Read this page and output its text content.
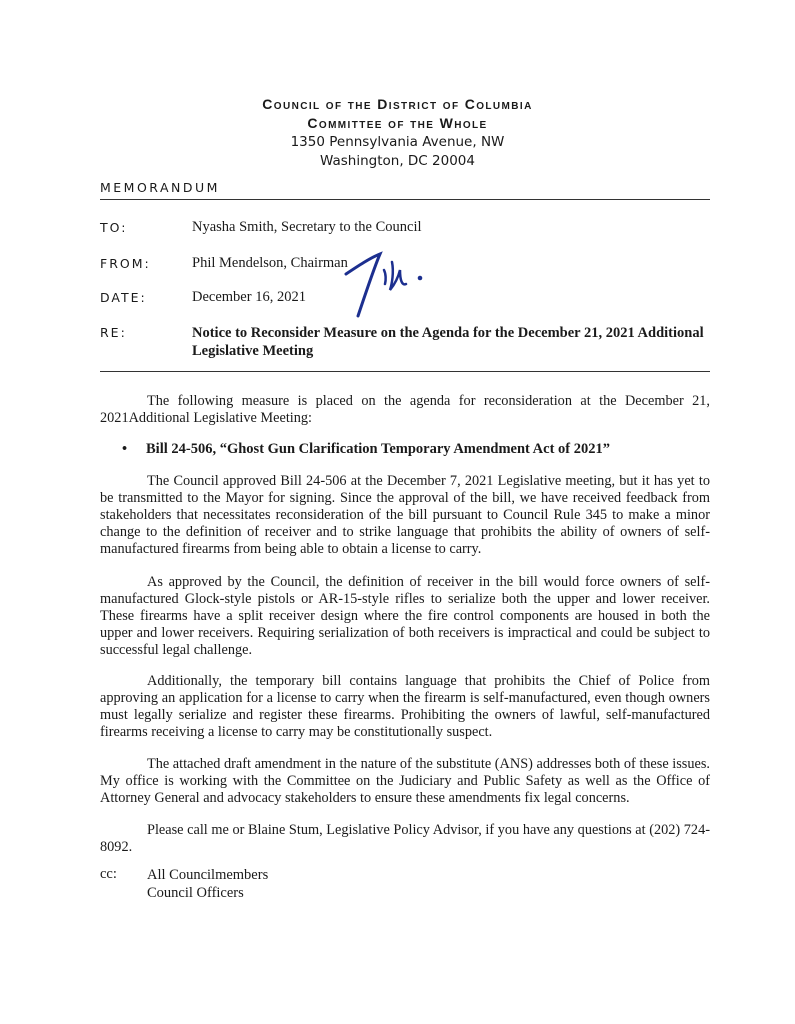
Council of the District of Columbia
Committee of the Whole
1350 Pennsylvania Avenue, NW
Washington, DC 20004
MEMORANDUM
TO:	Nyasha Smith, Secretary to the Council
FROM:	Phil Mendelson, Chairman
DATE:	December 16, 2021
RE:	Notice to Reconsider Measure on the Agenda for the December 21, 2021 Additional Legislative Meeting
The following measure is placed on the agenda for reconsideration at the December 21, 2021Additional Legislative Meeting:
• Bill 24-506, “Ghost Gun Clarification Temporary Amendment Act of 2021”
The Council approved Bill 24-506 at the December 7, 2021 Legislative meeting, but it has yet to be transmitted to the Mayor for signing. Since the approval of the bill, we have received feedback from stakeholders that necessitates reconsideration of the bill pursuant to Council Rule 345 to make a minor change to the definition of receiver and to strike language that prohibits the ability of owners of self-manufactured firearms from being able to obtain a license to carry.
As approved by the Council, the definition of receiver in the bill would force owners of self-manufactured Glock-style pistols or AR-15-style rifles to serialize both the upper and lower receiver. These firearms have a split receiver design where the fire control components are housed in both the upper and lower receivers. Requiring serialization of both receivers is impractical and could be subject to successful legal challenge.
Additionally, the temporary bill contains language that prohibits the Chief of Police from approving an application for a license to carry when the firearm is self-manufactured, even though owners must legally serialize and register these firearms. Prohibiting the owners of lawful, self-manufactured firearms receiving a license to carry may be constitutionally suspect.
The attached draft amendment in the nature of the substitute (ANS) addresses both of these issues. My office is working with the Committee on the Judiciary and Public Safety as well as the Office of Attorney General and advocacy stakeholders to ensure these amendments fix legal concerns.
Please call me or Blaine Stum, Legislative Policy Advisor, if you have any questions at (202) 724-8092.
cc: All Councilmembers
Council Officers
